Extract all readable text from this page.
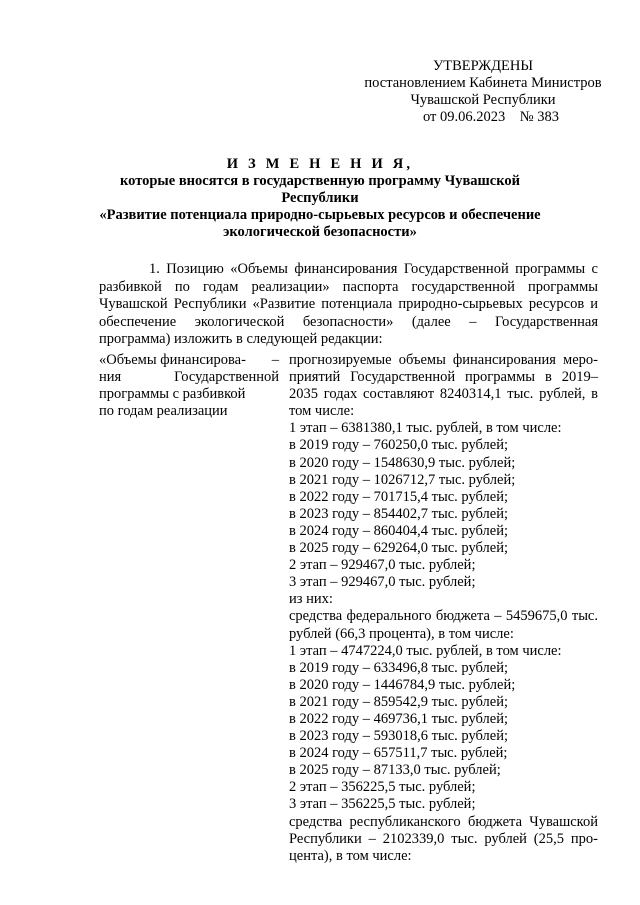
УТВЕРЖДЕНЫ
постановлением Кабинета Министров
Чувашской Республики
от 09.06.2023    № 383
И З М Е Н Е Н И Я,
которые вносятся в государственную программу Чувашской Республики
«Развитие потенциала природно-сырьевых ресурсов и обеспечение
экологической безопасности»

1. Позицию «Объемы финансирования Государственной программы с разбивкой по годам реализации» паспорта государственной программы Чувашской Республики «Развитие потенциала природно-сырьевых ресурсов и обеспечение экологической безопасности» (далее – Государственная программа) изложить в следующей редакции:

«Объемы финансирова- –
ния	Государственной
программы с разбивкой
по годам реализации
прогнозируемые объемы финансирования меро-
приятий Государственной программы в 2019–
2035 годах составляют 8240314,1 тыс. рублей, в
том числе:
1 этап – 6381380,1 тыс. рублей, в том числе:
в 2019 году – 760250,0 тыс. рублей;
в 2020 году – 1548630,9 тыс. рублей;
в 2021 году – 1026712,7 тыс. рублей;
в 2022 году – 701715,4 тыс. рублей;
в 2023 году – 854402,7 тыс. рублей;
в 2024 году – 860404,4 тыс. рублей;
в 2025 году – 629264,0 тыс. рублей;
2 этап – 929467,0 тыс. рублей;
3 этап – 929467,0 тыс. рублей;
из них:
средства федерального бюджета – 5459675,0 тыс.
рублей (66,3 процента), в том числе:
1 этап – 4747224,0 тыс. рублей, в том числе:
в 2019 году – 633496,8 тыс. рублей;
в 2020 году – 1446784,9 тыс. рублей;
в 2021 году – 859542,9 тыс. рублей;
в 2022 году – 469736,1 тыс. рублей;
в 2023 году – 593018,6 тыс. рублей;
в 2024 году – 657511,7 тыс. рублей;
в 2025 году – 87133,0 тыс. рублей;
2 этап – 356225,5 тыс. рублей;
3 этап – 356225,5 тыс. рублей;
средства республиканского бюджета Чувашской
Республики – 2102339,0 тыс. рублей (25,5 про-
цента), в том числе:
